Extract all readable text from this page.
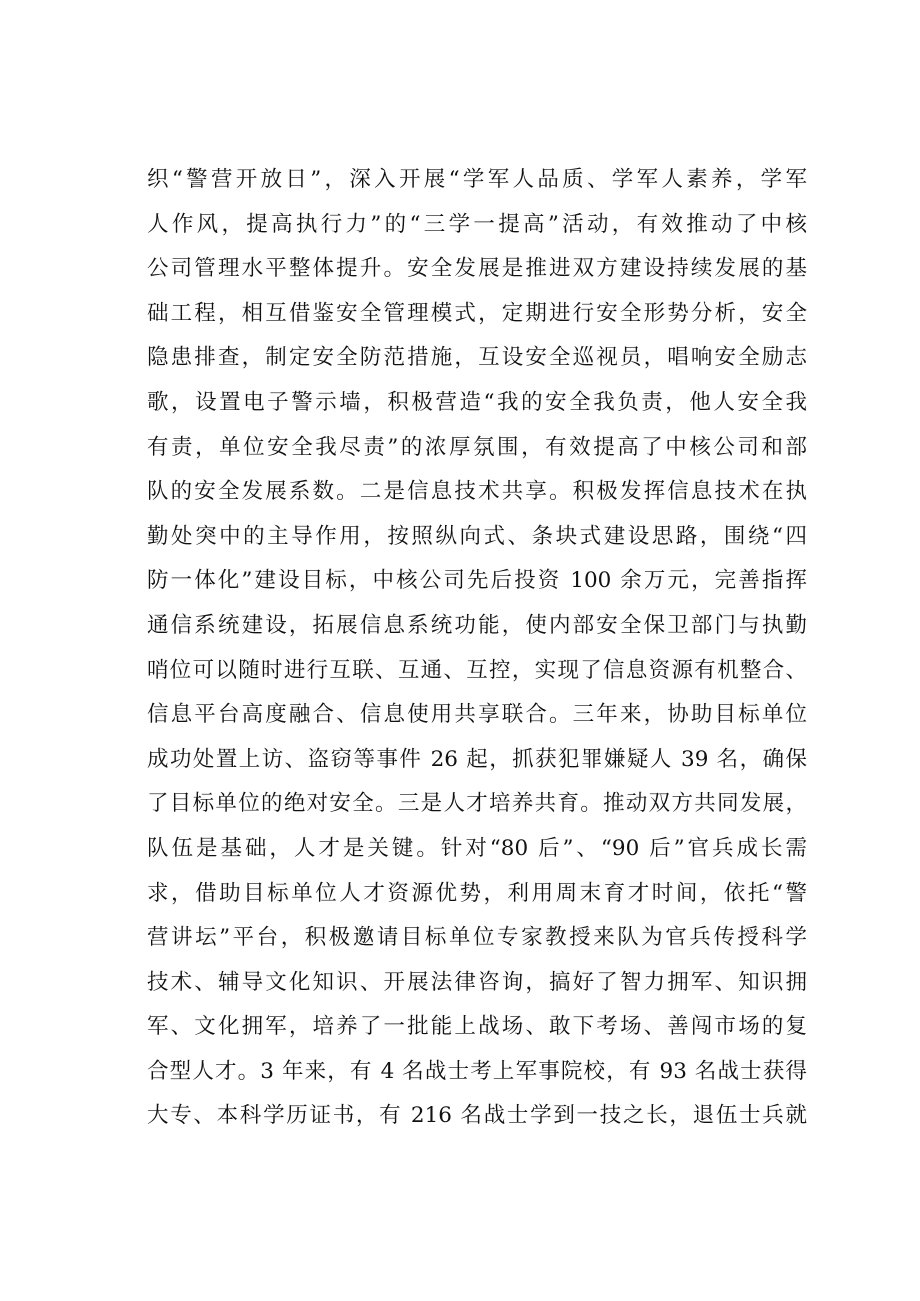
织“警营开放日”，深入开展“学军人品质、学军人素养，学军
人作风，提高执行力”的“三学一提高”活动，有效推动了中核
公司管理水平整体提升。安全发展是推进双方建设持续发展的基
础工程，相互借鉴安全管理模式，定期进行安全形势分析，安全
隐患排查，制定安全防范措施，互设安全巡视员，唱响安全励志
歌，设置电子警示墙，积极营造“我的安全我负责，他人安全我
有责，单位安全我尽责”的浓厚氛围，有效提高了中核公司和部
队的安全发展系数。二是信息技术共享。积极发挥信息技术在执
勤处突中的主导作用，按照纵向式、条块式建设思路，围绕“四
防一体化”建设目标，中核公司先后投资 100 余万元，完善指挥
通信系统建设，拓展信息系统功能，使内部安全保卫部门与执勤
哨位可以随时进行互联、互通、互控，实现了信息资源有机整合、
信息平台高度融合、信息使用共享联合。三年来，协助目标单位
成功处置上访、盗窃等事件 26 起，抓获犯罪嫌疑人 39 名，确保
了目标单位的绝对安全。三是人才培养共育。推动双方共同发展，
队伍是基础，人才是关键。针对“80 后”、“90 后”官兵成长需
求，借助目标单位人才资源优势，利用周末育才时间，依托“警
营讲坛”平台，积极邀请目标单位专家教授来队为官兵传授科学
技术、辅导文化知识、开展法律咨询，搞好了智力拥军、知识拥
军、文化拥军，培养了一批能上战场、敢下考场、善闯市场的复
合型人才。3 年来，有 4 名战士考上军事院校，有 93 名战士获得
大专、本科学历证书，有 216 名战士学到一技之长，退伍士兵就
